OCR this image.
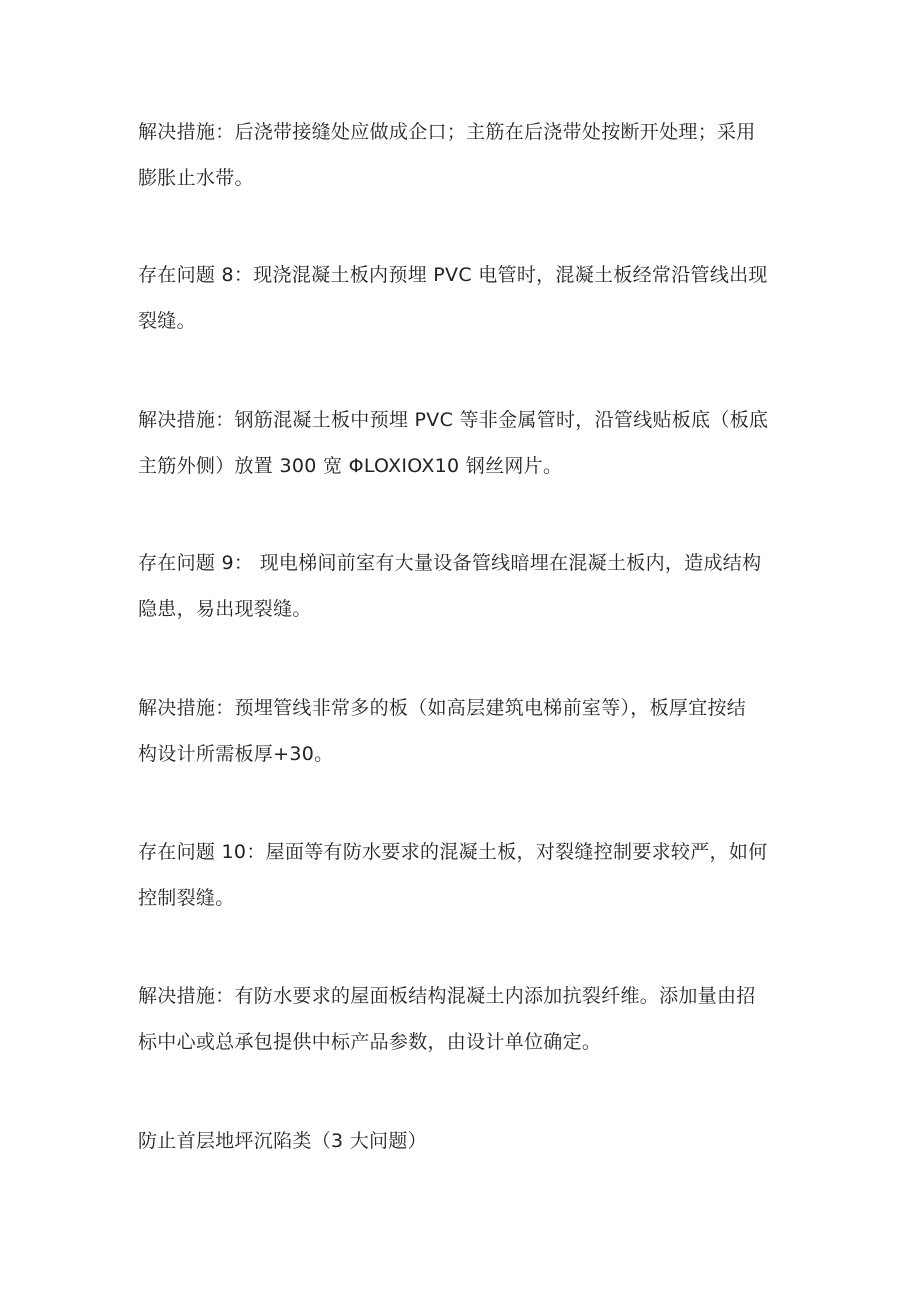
解决措施：后浇带接缝处应做成企口；主筋在后浇带处按断开处理；采用
膨胀止水带。

存在问题 8：现浇混凝土板内预埋 PVC 电管时，混凝土板经常沿管线出现
裂缝。

解决措施：钢筋混凝土板中预埋 PVC 等非金属管时，沿管线贴板底（板底
主筋外侧）放置 300 宽 ΦLOXIOX10 钢丝网片。

存在问题 9： 现电梯间前室有大量设备管线暗埋在混凝土板内，造成结构
隐患，易出现裂缝。

解决措施：预埋管线非常多的板（如高层建筑电梯前室等），板厚宜按结
构设计所需板厚+30。

存在问题 10：屋面等有防水要求的混凝土板，对裂缝控制要求较严，如何
控制裂缝。

解决措施：有防水要求的屋面板结构混凝土内添加抗裂纤维。添加量由招
标中心或总承包提供中标产品参数，由设计单位确定。

防止首层地坪沉陷类（3 大问题）
